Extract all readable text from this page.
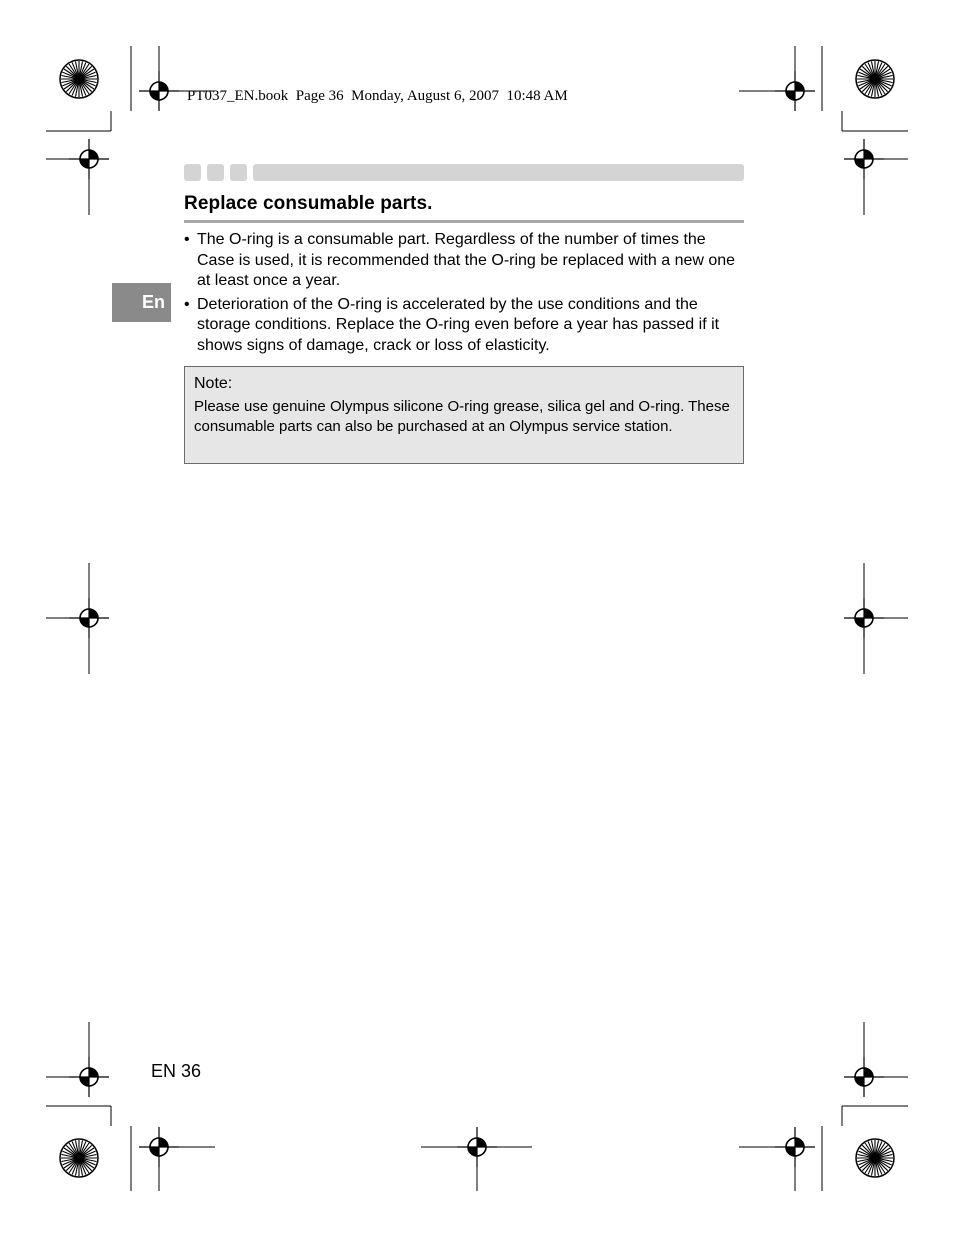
PT037_EN.book  Page 36  Monday, August 6, 2007  10:48 AM
Replace consumable parts.
En
• The O-ring is a consumable part. Regardless of the number of times the Case is used, it is recommended that the O-ring be replaced with a new one at least once a year.
• Deterioration of the O-ring is accelerated by the use conditions and the storage conditions. Replace the O-ring even before a year has passed if it shows signs of damage, crack or loss of elasticity.
Note:
Please use genuine Olympus silicone O-ring grease, silica gel and O-ring. These consumable parts can also be purchased at an Olympus service station.
EN 36
